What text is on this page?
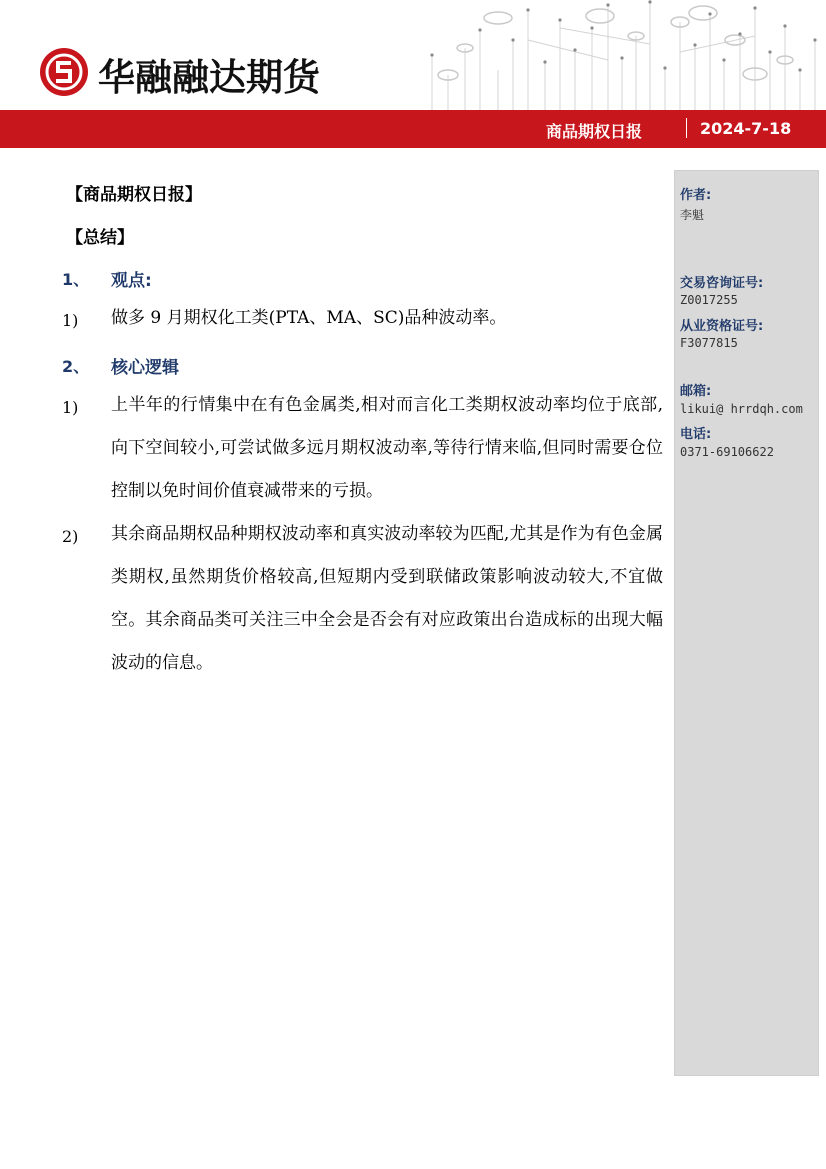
华融融达期货
商品期权日报	2024-7-18
作者:
李魁
交易咨询证号:
Z0017255
从业资格证号:
F3077815
邮箱:
likui@ hrrdqh.com
电话:
0371-69106622
【商品期权日报】
【总结】
1、 观点:
1) 做多 9 月期权化工类(PTA、MA、SC)品种波动率。
2、 核心逻辑
1) 上半年的行情集中在有色金属类,相对而言化工类期权波动率均位于底部,向下空间较小,可尝试做多远月期权波动率,等待行情来临,但同时需要仓位控制以免时间价值衰减带来的亏损。
2) 其余商品期权品种期权波动率和真实波动率较为匹配,尤其是作为有色金属类期权,虽然期货价格较高,但短期内受到联储政策影响波动较大,不宜做空。其余商品类可关注三中全会是否会有对应政策出台造成标的出现大幅波动的信息。
